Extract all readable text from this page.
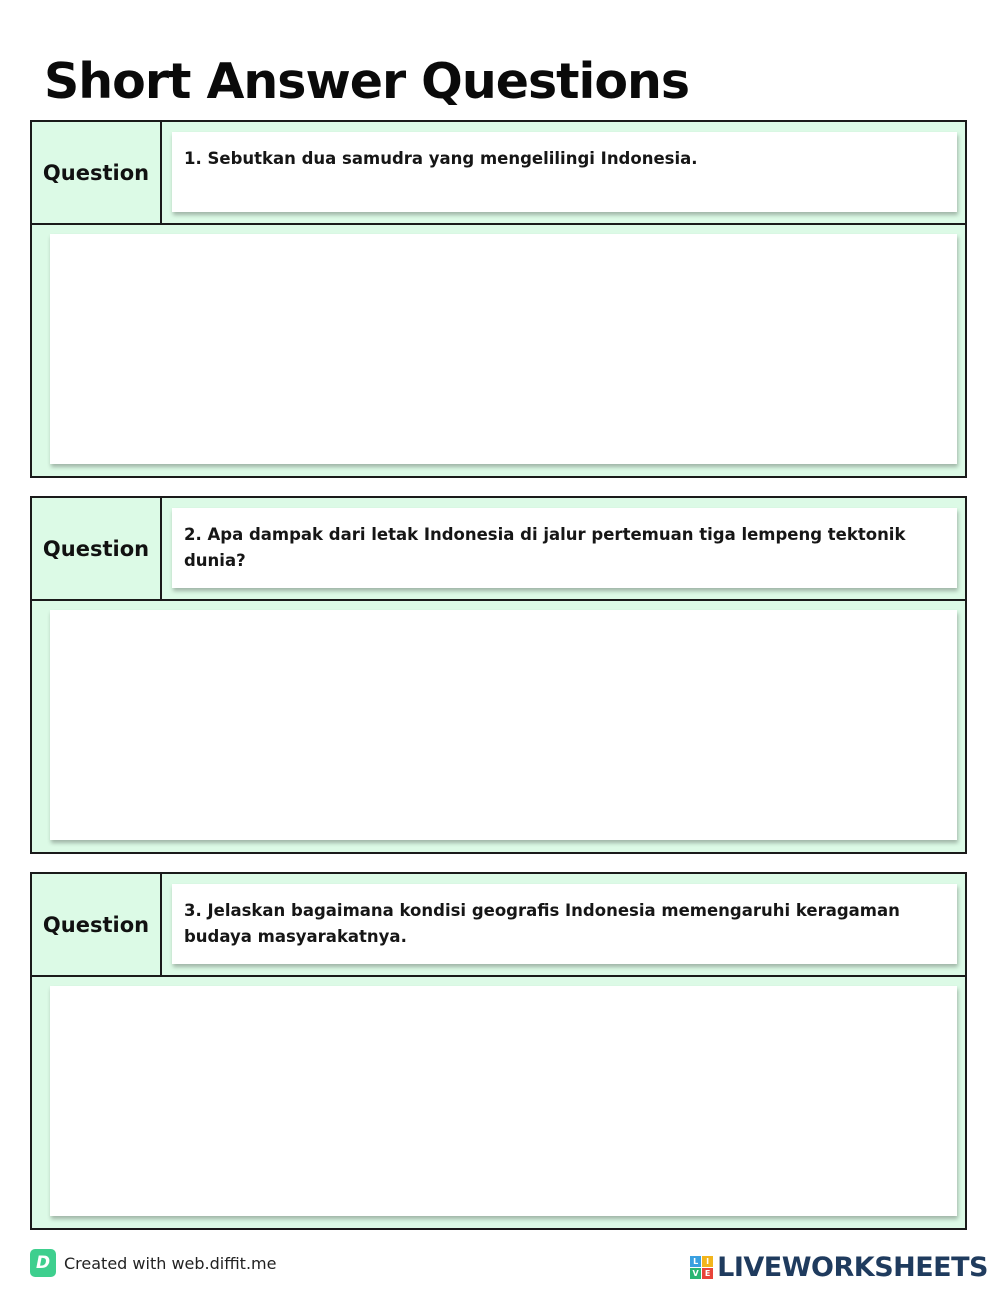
Short Answer Questions
Question
1. Sebutkan dua samudra yang mengelilingi Indonesia.
Question
2. Apa dampak dari letak Indonesia di jalur pertemuan tiga lempeng tektonik dunia?
Question
3. Jelaskan bagaimana kondisi geografis Indonesia memengaruhi keragaman budaya masyarakatnya.
D Created with web.diffit.me	L I
V E LIVEWORKSHEETS
